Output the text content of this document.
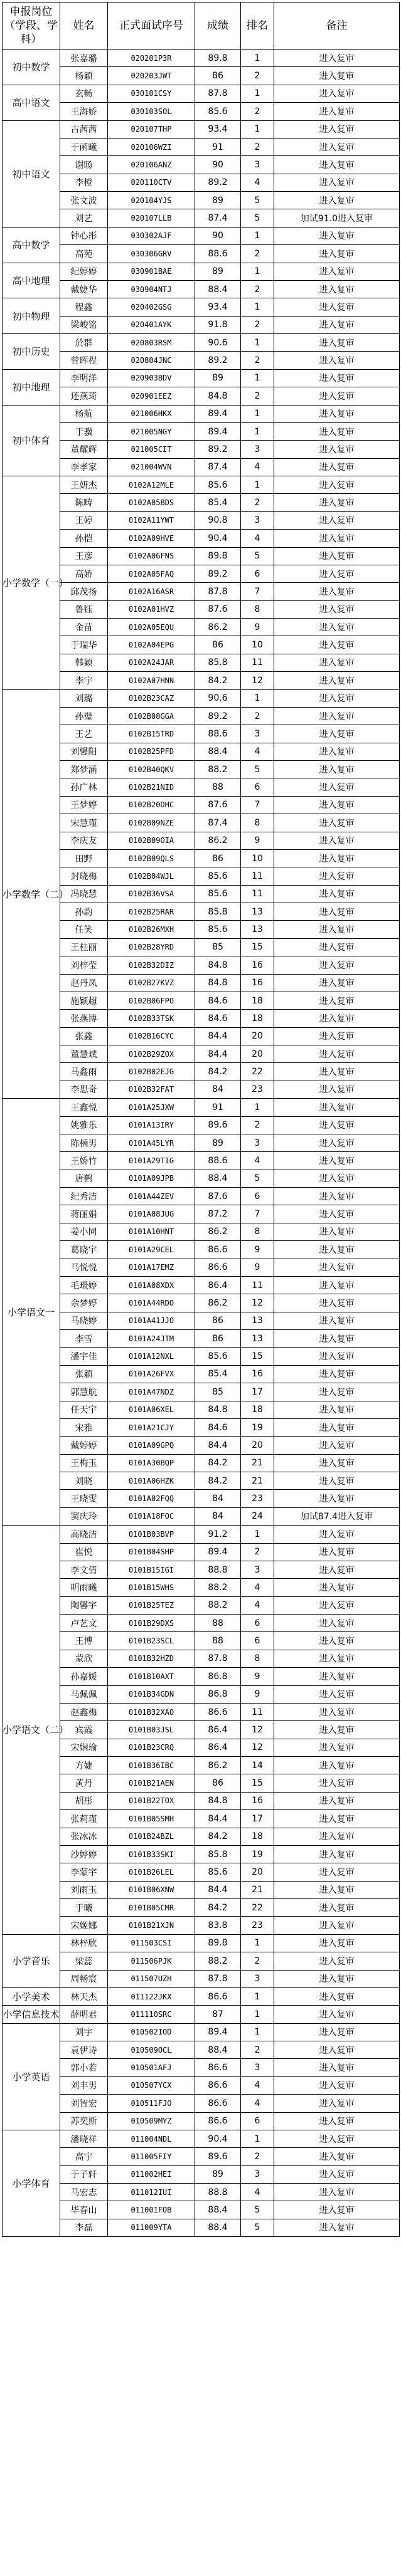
申报岗位（学段、学科）	姓名	正式面试序号	成绩	排名	备注
初中数学	张嘉璐	020201P3R	89.8	1	进入复审
	杨颖	020203JWT	86	2	进入复审
高中语文	玄畅	030101CSY	87.8	1	进入复审
	王海娇	030103SOL	85.6	2	进入复审
初中语文	古茜茜	020107THP	93.4	1	进入复审
	于函曦	020106WZI	91	2	进入复审
	谢旸	020106ANZ	90	3	进入复审
	李橙	020110CTV	89.2	4	进入复审
	张文波	020104YJS	89	5	进入复审
	刘艺	020107LLB	87.4	5	加试91.0进入复审
高中数学	钟心彤	030302AJF	90	1	进入复审
	高苑	030306GRV	88.6	2	进入复审
高中地理	纪婷婷	030901BAE	89	1	进入复审
	戴婕华	030904NTJ	88.4	2	进入复审
初中物理	程鑫	020402GSG	93.4	1	进入复审
	梁峻铭	020401AYK	91.8	2	进入复审
初中历史	於群	020803RSM	90.6	1	进入复审
	曾晖程	020804JNC	89.2	2	进入复审
初中地理	李明洋	020903BDV	89	1	进入复审
	还燕琦	020901EEZ	84.8	2	进入复审
初中体育	杨航	021006HKX	89.4	1	进入复审
	于骥	021005NGY	89.4	1	进入复审
	董耀辉	021005CIT	89.2	3	进入复审
	李孝家	021004WVN	87.4	4	进入复审
小学数学（一）	王妍杰	0102A12MLE	85.6	1	进入复审
	陈畴	0102A05BDS	85.4	2	进入复审
	王婷	0102A11YWT	90.8	3	进入复审
	孙恺	0102A09HVE	90.4	4	进入复审
	王彦	0102A06FNS	89.8	5	进入复审
	高娇	0102A05FAQ	89.2	6	进入复审
	邱茂扬	0102A16ASR	87.8	7	进入复审
	鲁钰	0102A01HVZ	87.6	8	进入复审
	金苗	0102A05EQU	86.2	9	进入复审
	于瑞华	0102A04EPG	86	10	进入复审
	韩颖	0102A24JAR	85.8	11	进入复审
	李宇	0102A07HNN	84.2	12	进入复审
小学数学（二）	刘璐	0102B23CAZ	90.6	1	进入复审
	孙璧	0102B08GGA	89.2	2	进入复审
	王艺	0102B15TRD	88.6	3	进入复审
	刘馨阳	0102B25PFD	88.4	4	进入复审
	郑梦涵	0102B40QKV	88.2	5	进入复审
	孙广林	0102B21NID	88	6	进入复审
	王梦婷	0102B20DHC	87.6	7	进入复审
	宋慧瑾	0102B09NZE	87.4	8	进入复审
	李庆友	0102B09OIA	86.2	9	进入复审
	田野	0102B09QLS	86	10	进入复审
	封晓梅	0102B04WJL	85.6	11	进入复审
	冯晓慧	0102B36VSA	85.6	11	进入复审
	孙韵	0102B25RAR	85.8	13	进入复审
	任笑	0102B26MXH	85.6	13	进入复审
	王桂丽	0102B28YRD	85	15	进入复审
	刘梓莹	0102B32DIZ	84.8	16	进入复审
	赵丹凤	0102B27KVZ	84.8	16	进入复审
	施颖超	0102B06FPO	84.6	18	进入复审
	张燕博	0102B33TSK	84.6	18	进入复审
	张鑫	0102B16CYC	84.4	20	进入复审
	董慧斌	0102B29ZOX	84.4	20	进入复审
	马鑫雨	0102B02EJG	84.2	22	进入复审
	李思奇	0102B32FAT	84	23	进入复审
小学语文一	王鑫悦	0101A25JXW	91	1	进入复审
	姚雅乐	0101A13IRY	89.6	2	进入复审
	陈楠男	0101A45LYR	89	3	进入复审
	王娇竹	0101A29TIG	88.6	4	进入复审
	唐鹤	0101A09JPB	88.4	5	进入复审
	纪秀洁	0101A44ZEV	87.6	6	进入复审
	蒋丽娟	0101A08JUG	87.2	7	进入复审
	姜小同	0101A10HNT	86.2	8	进入复审
	葛晓宇	0101A29CEL	86.6	9	进入复审
	马悦悦	0101A17EMZ	86.6	9	进入复审
	毛璟婷	0101A08XDX	86.4	11	进入复审
	余梦婷	0101A44RDO	86.2	12	进入复审
	马晓婷	0101A41JJO	86	13	进入复审
	李雪	0101A24JTM	86	13	进入复审
	潘宇佳	0101A12NXL	85.6	15	进入复审
	张颖	0101A26FVX	85.4	16	进入复审
	郭慧航	0101A47NDZ	85	17	进入复审
	任天宇	0101A06XEL	84.8	18	进入复审
	宋雅	0101A21CJY	84.6	19	进入复审
	戴婷婷	0101A09GPQ	84.4	20	进入复审
	王梅玉	0101A30BQP	84.2	21	进入复审
	刘晓	0101A06HZK	84.2	21	进入复审
	王晓雯	0101A02FQQ	84	23	进入复审
	窦庆玲	0101A18FOC	84	24	加试87.4进入复审
小学语文（二）	高晓洁	0101B03BVP	91.2	1	进入复审
	崔悦	0101B04SHP	89.4	2	进入复审
	李文倩	0101B15IGI	88.8	3	进入复审
	明雨曦	0101B15WHS	88.2	4	进入复审
	陶馨宇	0101B25TEZ	88.2	4	进入复审
	卢艺文	0101B29DXS	88	6	进入复审
	王博	0101B23SCL	88	6	进入复审
	蒙欣	0101B32HZD	87.8	8	进入复审
	孙嘉媛	0101B10AXT	86.8	9	进入复审
	马佩佩	0101B34GDN	86.8	9	进入复审
	赵鑫梅	0101B32XAO	86.6	11	进入复审
	宾霞	0101B03JSL	86.4	12	进入复审
	宋娴瑜	0101B23CRQ	86.4	12	进入复审
	方婕	0101B36IBC	86.2	14	进入复审
	黄丹	0101B21AEN	86	15	进入复审
	胡彤	0101B22TOX	84.8	16	进入复审
	张莉瑾	0101B05SMH	84.4	17	进入复审
	张冰冰	0101B24BZL	84.2	18	进入复审
	沙婷婷	0101B33SKI	85.8	19	进入复审
	李蒙宇	0101B26LEL	85.6	20	进入复审
	刘雨玉	0101B06XNW	84.4	21	进入复审
	于曦	0101B05CMR	84.2	22	进入复审
	宋姬娜	0101B21XJN	83.8	23	进入复审
小学音乐	林梓欣	011503CSI	89.8	1	进入复审
	梁蕊	011506PJK	88.2	2	进入复审
	周畅宸	011507UZH	87.8	3	进入复审
小学美术	林天杰	011122JKX	86.6	1	进入复审
小学信息技术	薛明君	011110SRC	87	1	进入复审
小学英语	刘宇	010502IOD	89.4	1	进入复审
	袁伊诗	010509OCL	88.4	2	进入复审
	郭小若	010501AFJ	86.6	3	进入复审
	刘丰男	010507YCX	86.6	4	进入复审
	刘智宏	010511FJO	86.6	4	进入复审
	苏奕斯	010509MYZ	86.6	6	进入复审
小学体育	潘晓祥	011004NDL	90.4	1	进入复审
	高宇	011005FIY	89.6	2	进入复审
	于子轩	011002HEI	89	3	进入复审
	马宏志	011012IUI	88.8	4	进入复审
	毕春山	011001FOB	88.4	5	进入复审
	李磊	011009YTA	88.4	5	进入复审
